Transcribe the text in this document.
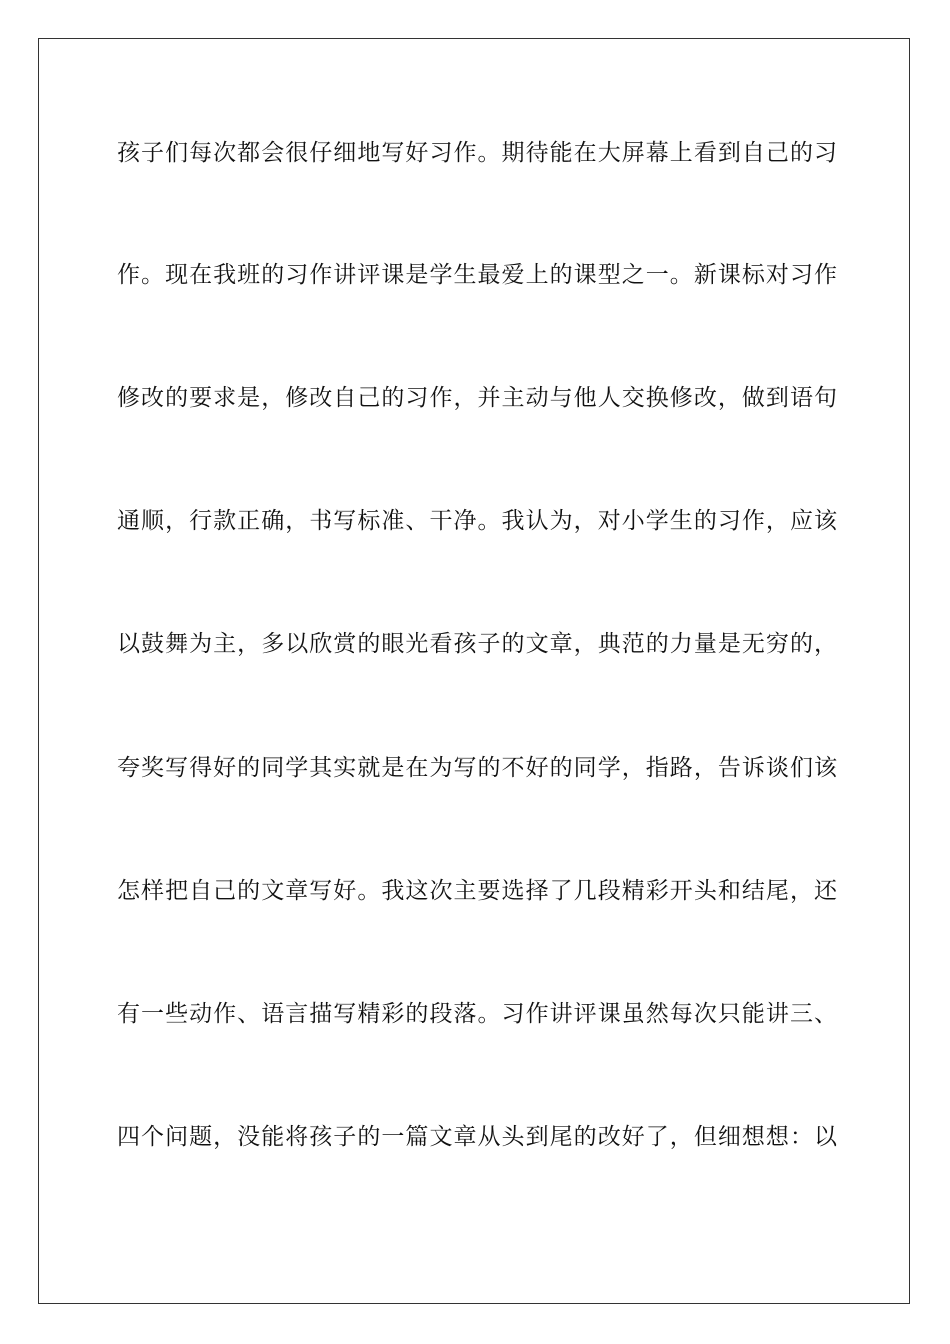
孩子们每次都会很仔细地写好习作。期待能在大屏幕上看到自己的习
作。现在我班的习作讲评课是学生最爱上的课型之一。新课标对习作
修改的要求是，修改自己的习作，并主动与他人交换修改，做到语句
通顺，行款正确，书写标准、干净。我认为，对小学生的习作，应该
以鼓舞为主，多以欣赏的眼光看孩子的文章，典范的力量是无穷的，
夸奖写得好的同学其实就是在为写的不好的同学，指路，告诉谈们该
怎样把自己的文章写好。我这次主要选择了几段精彩开头和结尾，还
有一些动作、语言描写精彩的段落。习作讲评课虽然每次只能讲三、
四个问题，没能将孩子的一篇文章从头到尾的改好了，但细想想：以
